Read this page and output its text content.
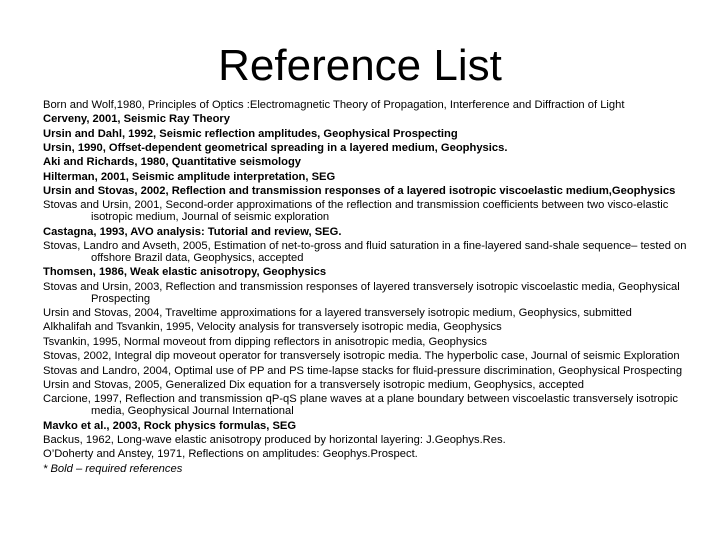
Reference List
Born and Wolf,1980, Principles of Optics :Electromagnetic Theory of Propagation, Interference and Diffraction of Light
Cerveny, 2001, Seismic Ray Theory
Ursin and Dahl, 1992, Seismic reflection amplitudes, Geophysical Prospecting
Ursin, 1990, Offset-dependent geometrical spreading in a layered medium, Geophysics.
Aki and Richards, 1980, Quantitative seismology
Hilterman, 2001, Seismic amplitude interpretation, SEG
Ursin and Stovas, 2002, Reflection and transmission responses of a layered isotropic viscoelastic medium,Geophysics
Stovas and Ursin, 2001, Second-order approximations of the reflection and transmission coefficients between two visco-elastic isotropic medium, Journal of seismic exploration
Castagna, 1993, AVO analysis: Tutorial and review, SEG.
Stovas, Landro and Avseth, 2005, Estimation of net-to-gross and fluid saturation in a fine-layered sand-shale sequence– tested on offshore Brazil data, Geophysics, accepted
Thomsen, 1986, Weak elastic anisotropy, Geophysics
Stovas and Ursin, 2003, Reflection and transmission responses of layered transversely isotropic viscoelastic media, Geophysical Prospecting
Ursin and Stovas, 2004, Traveltime approximations for a layered transversely isotropic medium, Geophysics, submitted
Alkhalifah and Tsvankin, 1995, Velocity analysis for transversely isotropic media, Geophysics
Tsvankin, 1995, Normal moveout from dipping reflectors in anisotropic media, Geophysics
Stovas, 2002, Integral dip moveout operator for transversely isotropic media. The hyperbolic case, Journal of seismic Exploration
Stovas and Landro, 2004, Optimal use of PP and PS time-lapse stacks for fluid-pressure discrimination, Geophysical Prospecting
Ursin and Stovas, 2005, Generalized Dix equation for a transversely isotropic medium, Geophysics, accepted
Carcione, 1997, Reflection and transmission qP-qS plane waves at a plane boundary between viscoelastic transversely isotropic media, Geophysical Journal International
Mavko et al., 2003, Rock physics formulas, SEG
Backus, 1962, Long-wave elastic anisotropy produced by horizontal layering: J.Geophys.Res.
O’Doherty and Anstey, 1971, Reflections on amplitudes: Geophys.Prospect.
* Bold – required references
